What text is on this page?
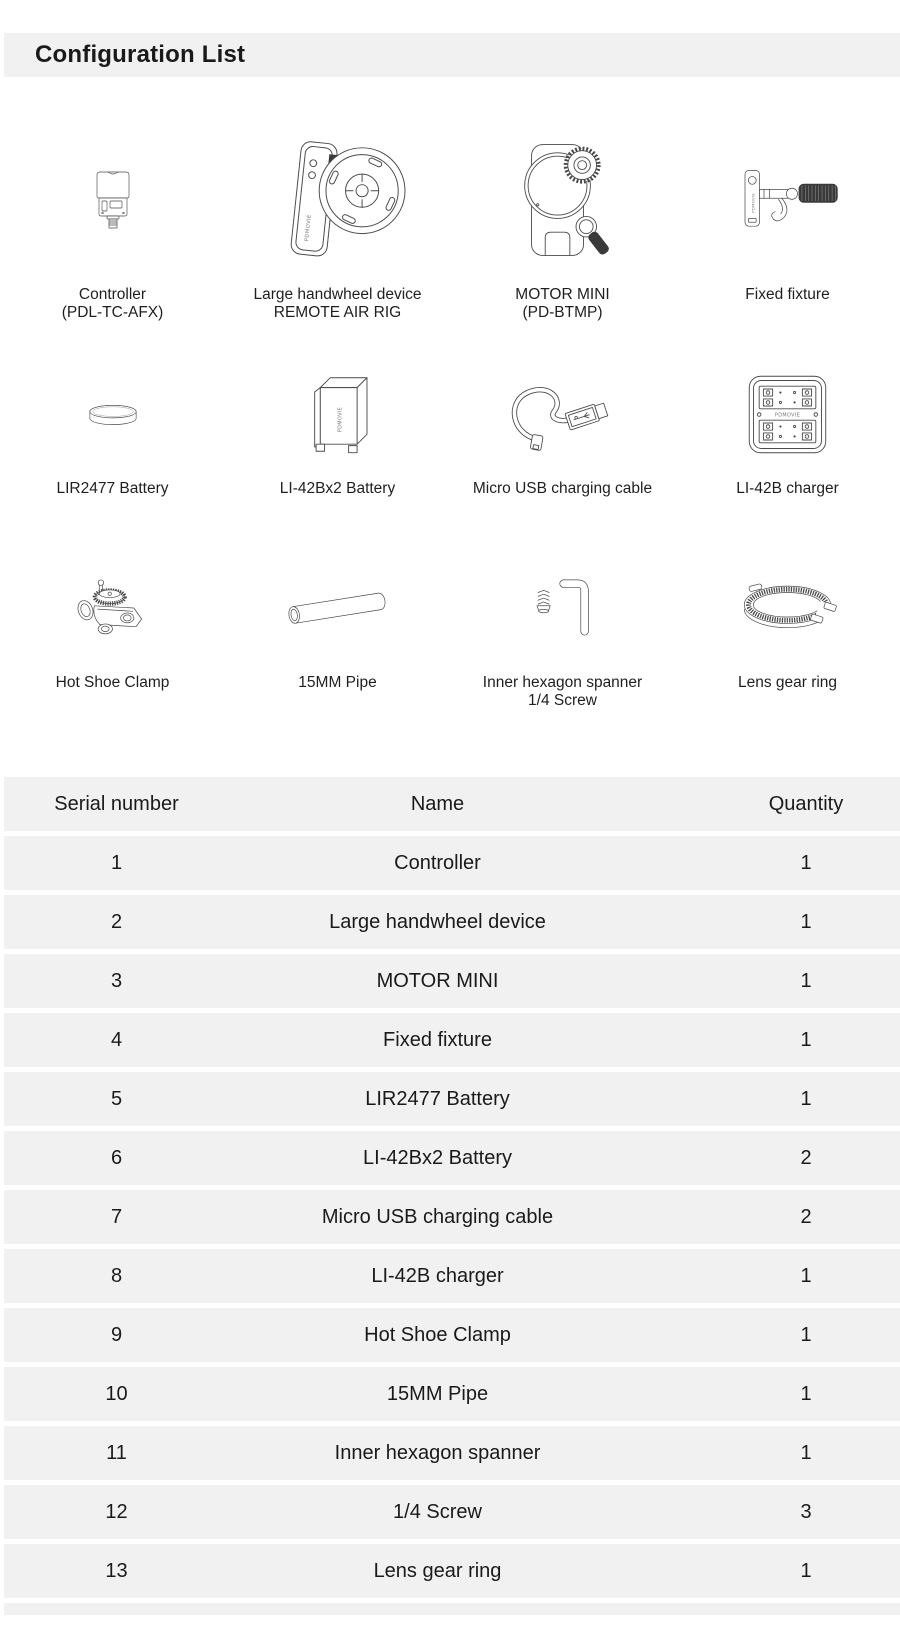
Configuration List
Controller
(PDL-TC-AFX)
PDMOVIE
Large handwheel device
REMOTE AIR RIG
MOTOR MINI
(PD-BTMP)
PDMOVIE
Fixed fixture
LIR2477 Battery
PDMOVIE
LI-42Bx2 Battery	Micro USB charging cable
PDMOVIE
LI-42B charger
Hot Shoe Clamp	15MM Pipe	Inner hexagon spanner
1/4 Screw
Lens gear ring
Serial number	Name	Quantity
1	Controller	1
2	Large handwheel device	1
3	MOTOR MINI	1
4	Fixed fixture	1
5	LIR2477 Battery	1
6	LI-42Bx2 Battery	2
7	Micro USB charging cable	2
8	LI-42B charger	1
9	Hot Shoe Clamp	1
10	15MM Pipe	1
11	Inner hexagon spanner	1
12	1/4 Screw	3
13	Lens gear ring	1
